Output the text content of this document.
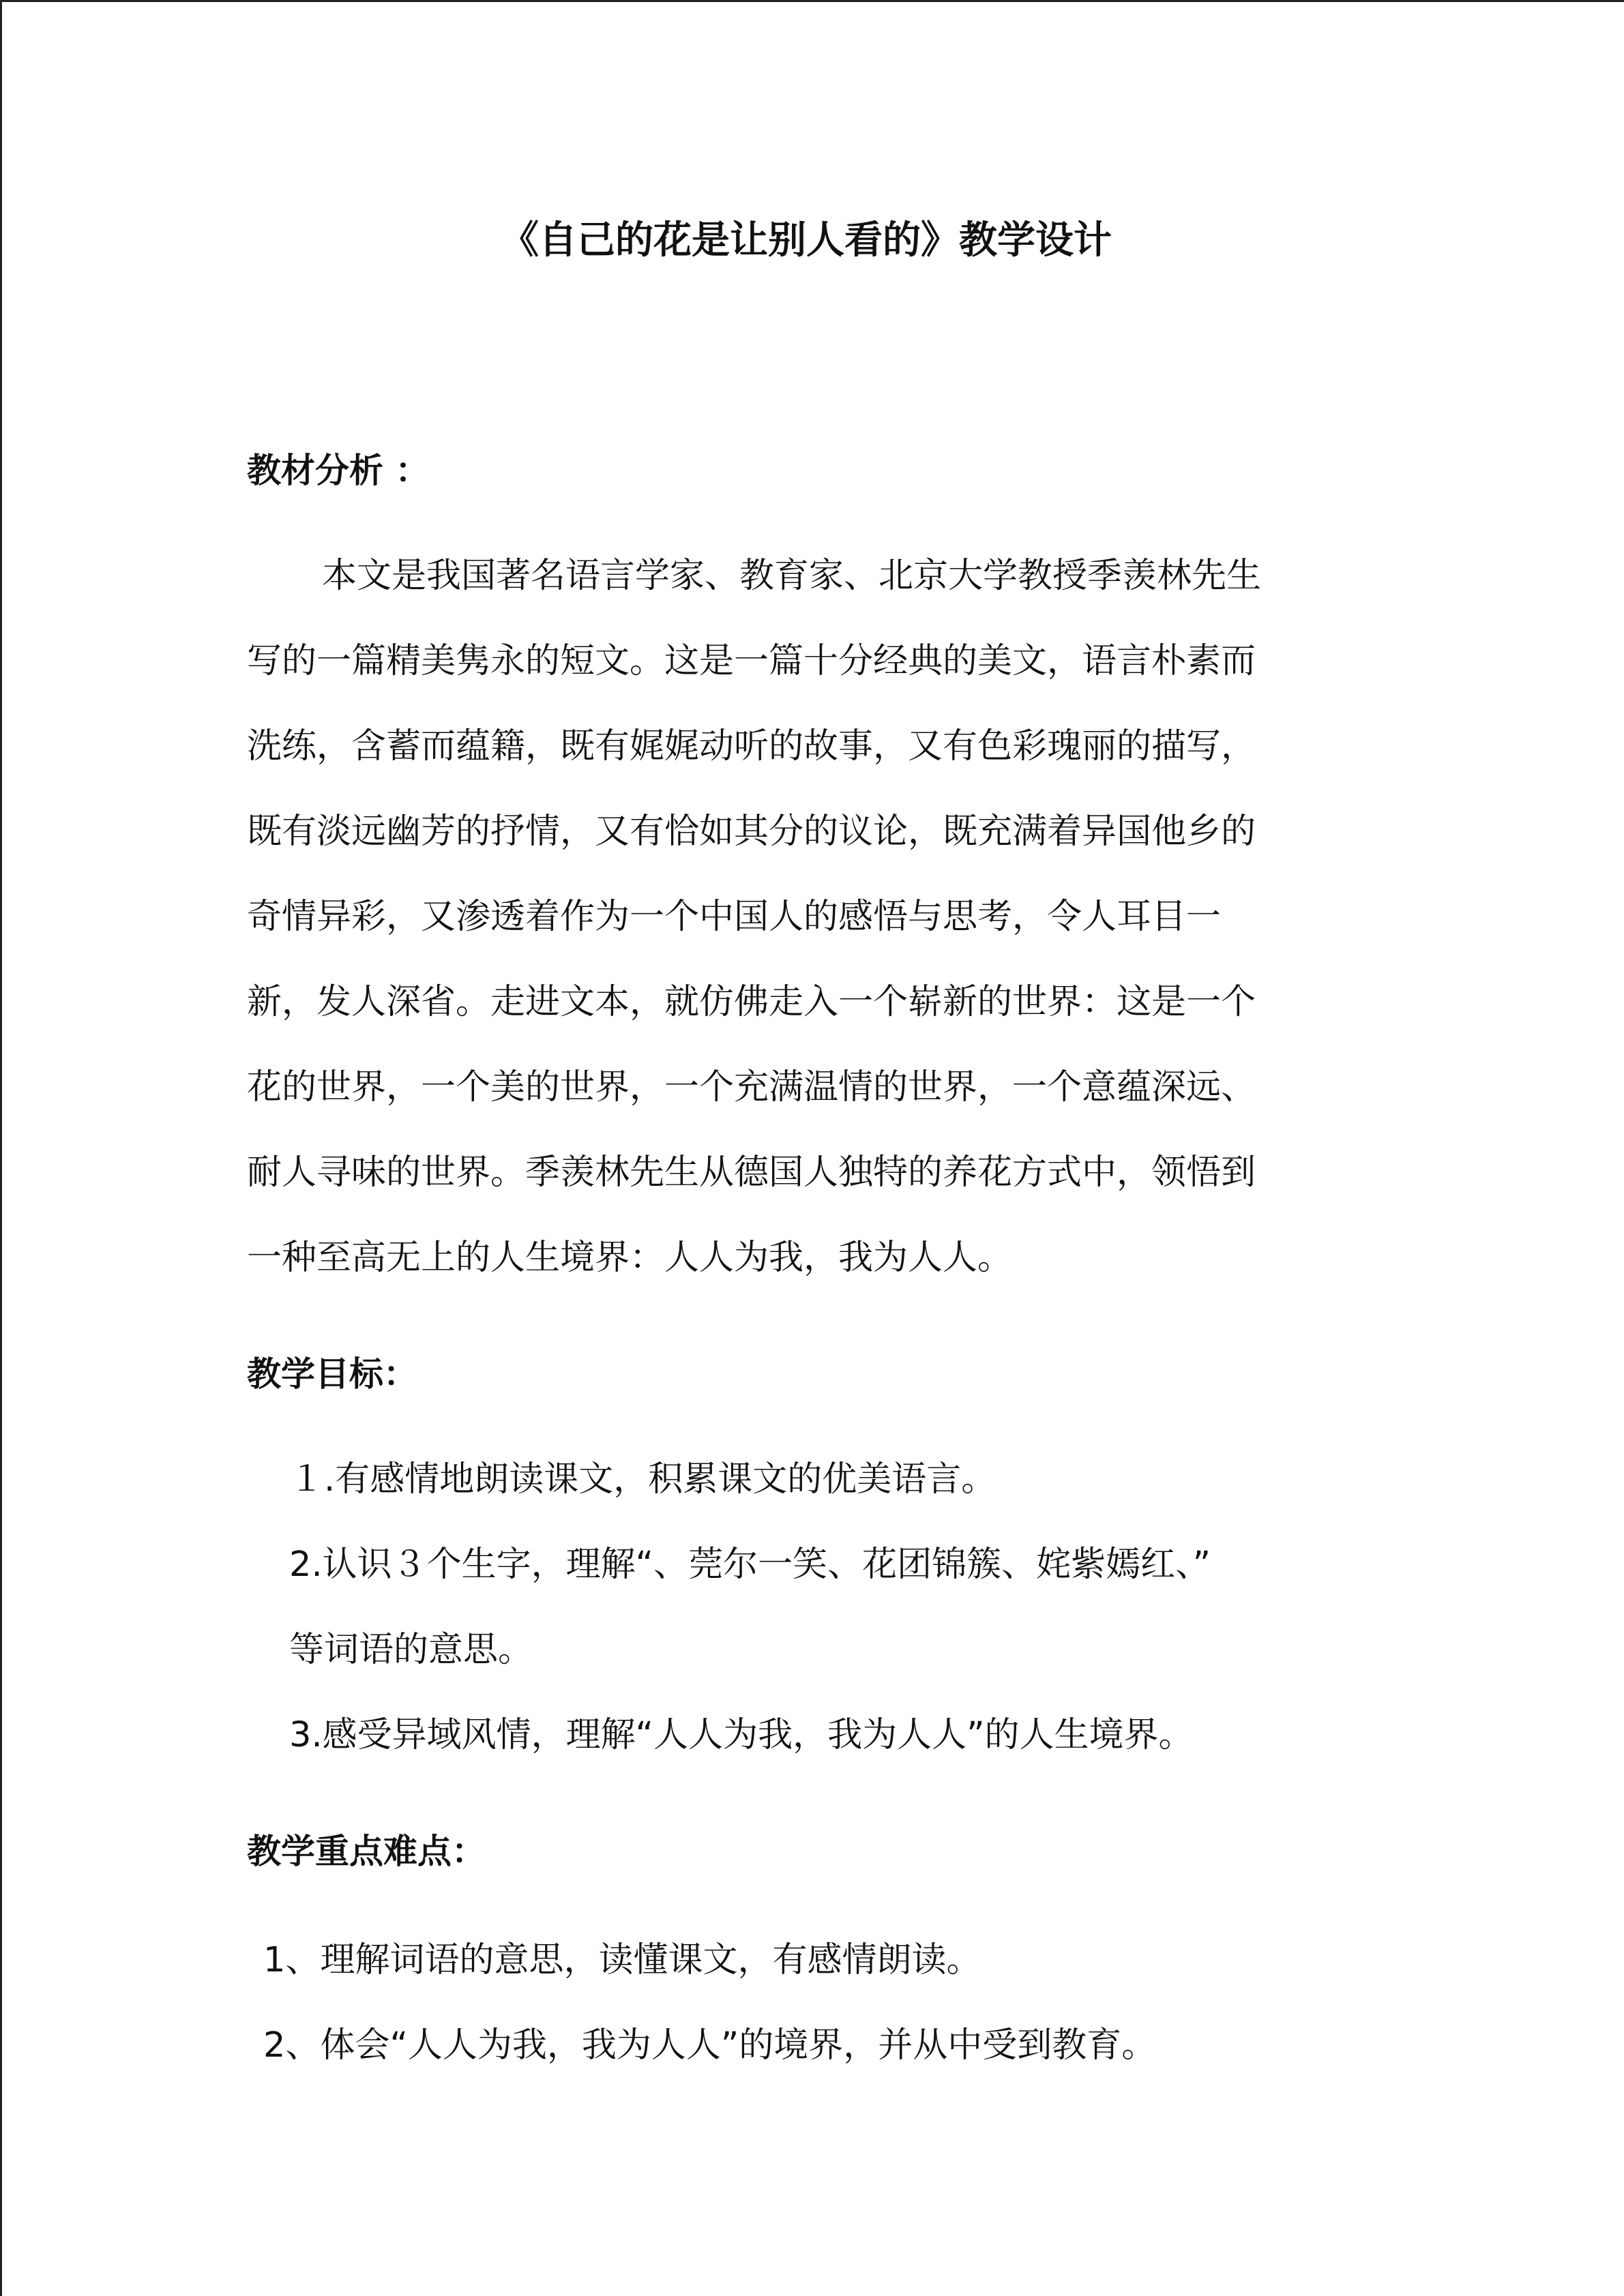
《自己的花是让别人看的》教学设计
教材分析 ：
本文是我国著名语言学家、教育家、北京大学教授季羡林先生
写的一篇精美隽永的短文。这是一篇十分经典的美文，语言朴素而
洗练，含蓄而蕴籍，既有娓娓动听的故事，又有色彩瑰丽的描写，
既有淡远幽芳的抒情，又有恰如其分的议论，既充满着异国他乡的
奇情异彩，又渗透着作为一个中国人的感悟与思考，令人耳目一
新，发人深省。走进文本，就仿佛走入一个崭新的世界：这是一个
花的世界，一个美的世界，一个充满温情的世界，一个意蕴深远、
耐人寻味的世界。季羡林先生从德国人独特的养花方式中，领悟到
一种至高无上的人生境界：人人为我，我为人人。
教学目标：
１.有感情地朗读课文，积累课文的优美语言。
2.认识３个生字，理解“、莞尔一笑、花团锦簇、姹紫嫣红、”
等词语的意思。
3.感受异域风情，理解“人人为我，我为人人”的人生境界。
教学重点难点：
1、理解词语的意思，读懂课文，有感情朗读。
2、体会“人人为我，我为人人”的境界，并从中受到教育。
